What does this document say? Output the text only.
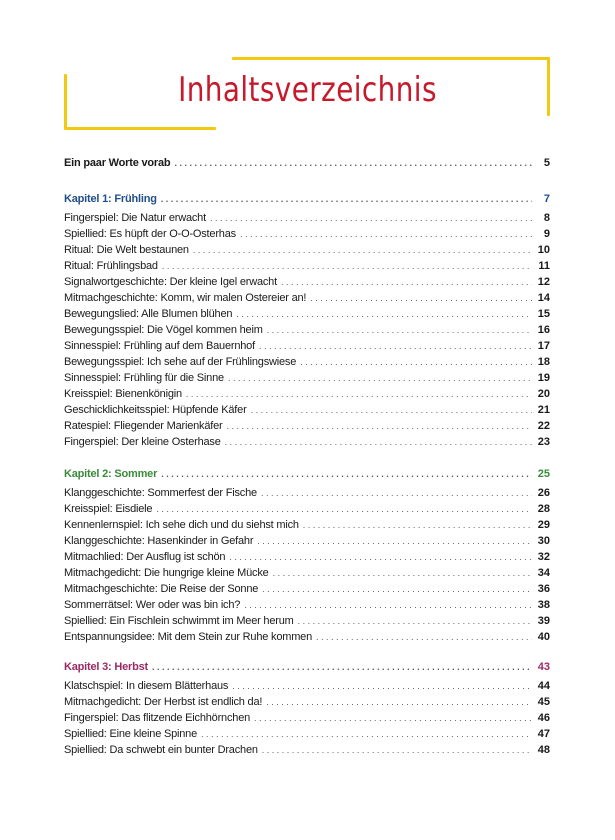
Inhaltsverzeichnis
Ein paar Worte vorab . . .	5
Kapitel 1: Frühling . . .	7
Fingerspiel: Die Natur erwacht . . .	8
Spiellied: Es hüpft der O-O-Osterhas . . .	9
Ritual: Die Welt bestaunen . . .	10
Ritual: Frühlingsbad . . .	11
Signalwortgeschichte: Der kleine Igel erwacht . . .	12
Mitmachgeschichte: Komm, wir malen Ostereier an! . . .	14
Bewegungslied: Alle Blumen blühen . . .	15
Bewegungsspiel: Die Vögel kommen heim . . .	16
Sinnesspiel: Frühling auf dem Bauernhof . . .	17
Bewegungsspiel: Ich sehe auf der Frühlingswiese . . .	18
Sinnesspiel: Frühling für die Sinne . . .	19
Kreisspiel: Bienenkönigin . . .	20
Geschicklichkeitsspiel: Hüpfende Käfer . . .	21
Ratespiel: Fliegender Marienkäfer . . .	22
Fingerspiel: Der kleine Osterhase . . .	23
Kapitel 2: Sommer . . .	25
Klanggeschichte: Sommerfest der Fische . . .	26
Kreisspiel: Eisdiele . . .	28
Kennenlernspiel: Ich sehe dich und du siehst mich . . .	29
Klanggeschichte: Hasenkinder in Gefahr . . .	30
Mitmachlied: Der Ausflug ist schön . . .	32
Mitmachgedicht: Die hungrige kleine Mücke . . .	34
Mitmachgeschichte: Die Reise der Sonne . . .	36
Sommerrätsel: Wer oder was bin ich? . . .	38
Spiellied: Ein Fischlein schwimmt im Meer herum . . .	39
Entspannungsidee: Mit dem Stein zur Ruhe kommen . . .	40
Kapitel 3: Herbst . . .	43
Klatschspiel: In diesem Blätterhaus . . .	44
Mitmachgedicht: Der Herbst ist endlich da! . . .	45
Fingerspiel: Das flitzende Eichhörnchen . . .	46
Spiellied: Eine kleine Spinne . . .	47
Spiellied: Da schwebt ein bunter Drachen . . .	48
